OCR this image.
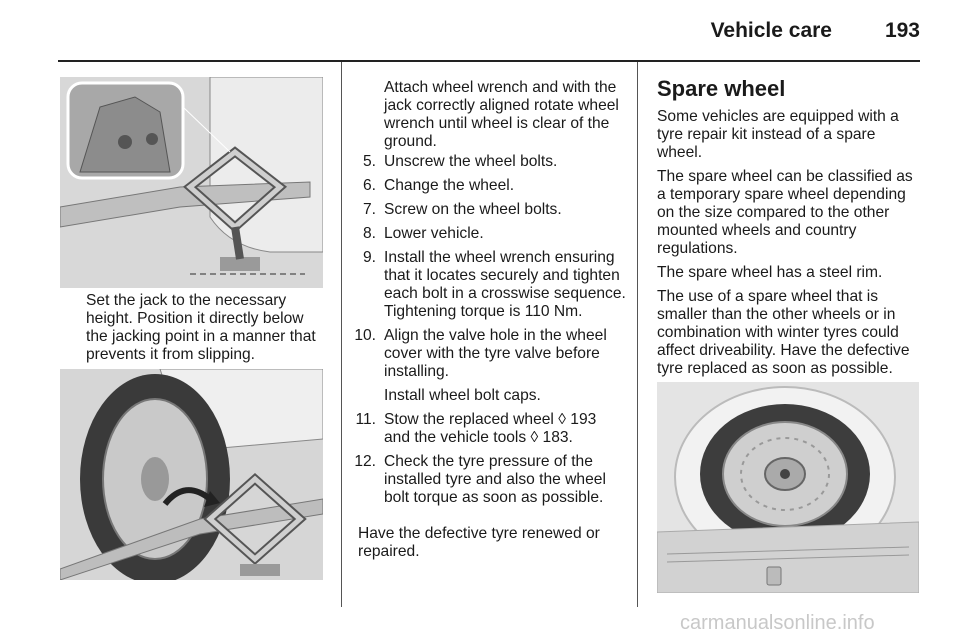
Vehicle care	193

Set the jack to the necessary height. Position it directly below the jacking point in a manner that prevents it from slipping.

Attach wheel wrench and with the jack correctly aligned rotate wheel wrench until wheel is clear of the ground.

5. Unscrew the wheel bolts.
6. Change the wheel.
7. Screw on the wheel bolts.
8. Lower vehicle.
9. Install the wheel wrench ensuring that it locates securely and tighten each bolt in a crosswise sequence. Tightening torque is 110 Nm.
10. Align the valve hole in the wheel cover with the tyre valve before installing.
Install wheel bolt caps.
11. Stow the replaced wheel ◊ 193 and the vehicle tools ◊ 183.
12. Check the tyre pressure of the installed tyre and also the wheel bolt torque as soon as possible.

Have the defective tyre renewed or repaired.

Spare wheel

Some vehicles are equipped with a tyre repair kit instead of a spare wheel.

The spare wheel can be classified as a temporary spare wheel depending on the size compared to the other mounted wheels and country regulations.

The spare wheel has a steel rim.

The use of a spare wheel that is smaller than the other wheels or in combination with winter tyres could affect driveability. Have the defective tyre replaced as soon as possible.

carmanualsonline.info
